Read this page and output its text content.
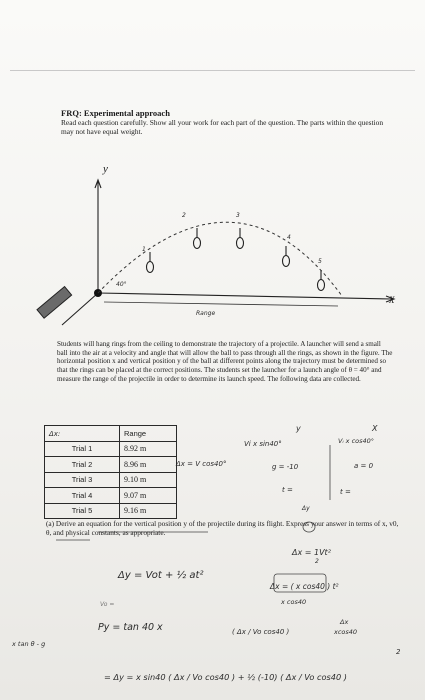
FRQ: Experimental approach
Read each question carefully. Show all your work for each part of the question. The parts within the question may not have equal weight.
y
X
40°
Range
1
2	3
4
5
Students will hang rings from the ceiling to demonstrate the trajectory of a projectile. A launcher will send a small ball into the air at a velocity and angle that will allow the ball to pass through all the rings, as shown in the figure. The horizontal position x and vertical position y of the ball at different points along the trajectory must be determined so that the rings can be placed at the correct positions. The students set the launcher for a launch angle of θ = 40° and measure the range of the projectile in order to determine its launch speed. The following data are collected.
Δx:	Range
Trial 1	8.92 m
Trial 2	8.96 m
Trial 3	9.10 m
Trial 4	9.07 m
Trial 5	9.16 m
Δx = V cos40°
y	X
Vi x sin40°	Vᵢ x cos40°
g = -10	a = 0
t =	t =
Δy
(a) Derive an equation for the vertical position y of the projectile during its flight. Express your answer in terms of x, v0, θ, and physical constants, as appropriate.
Δx = 1Vt²
2
Δy = Vot + ½ at²
Δx = ( x cos40 ) t²
x cos40
Δx
xcos40
Py = tan 40 x	( Δx / Vo cos40 )
x tan θ - g
Vo =
2
= Δy = x sin40 ( Δx / Vo cos40 ) + ½ (-10) ( Δx / Vo cos40 )
